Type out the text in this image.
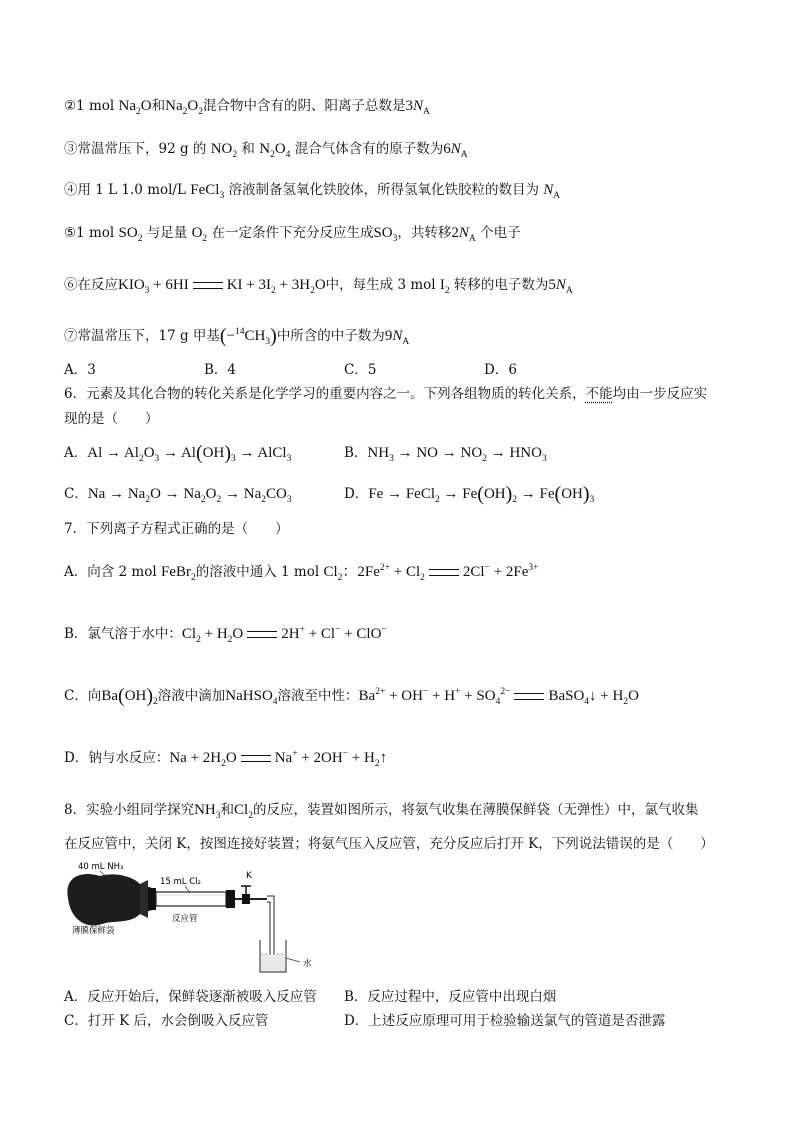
②1 mol $Na_2O$和$Na_2O_2$混合物中含有的阴、阳离子总数是$3N_A$
③常温常压下，92 g 的 $NO_2$ 和 $N_2O_4$ 混合气体含有的原子数为$6N_A$
④用 1 L 1.0 mol/L FeCl$_3$ 溶液制备氢氧化铁胶体，所得氢氧化铁胶粒的数目为 $N_A$
⑤1 mol $SO_2$ 与足量 $O_2$ 在一定条件下充分反应生成$SO_3$，共转移$2N_A$ 个电子
⑥在反应$KIO_3 + 6HI$	KI + $3I_2 + 3H_2O$中，每生成 3 mol $I_2$ 转移的电子数为$5N_A$
⑦常温常压下，17 g 甲基$(-^{14}CH_3)$中所含的中子数为$9N_A$
A．3	B．4	C．5	D．6
6．元素及其化合物的转化关系是化学学习的重要内容之一。下列各组物质的转化关系，不能均由一步反应实
现的是（　　）
A．$Al \to Al_2O_3 \to Al(OH)_3$ → AlCl$_3$	B．$NH_3$ → NO → $NO_2 \to HNO_3$
C．$Na \to Na_2O \to Na_2O_2 \to Na_2CO_3$	D．Fe → FeCl$_2$ → $Fe(OH)_2 \to Fe(OH)_3$
7．下列离子方程式正确的是（　　）
A．向含 2 mol FeBr$_2$的溶液中通入 1 mol $Cl_2$：$2Fe^{2+} + Cl_2$	$2Cl^- + 2Fe^{3+}$
B．氯气溶于水中：$Cl_2 + H_2O$	2H+ + Cl− + ClO−
C．向$Ba(OH)_2$溶液中滴加NaHSO$_4$溶液至中性：$Ba^{2+} + OH^- + H^+ + SO_4^{2-}$	BaSO$_4$↓ + $H_2O$
D．钠与水反应：$Na + 2H_2O$	$Na^+ + 2OH^- + H_2↑$
8．实验小组同学探究$NH_3$和$Cl_2$的反应，装置如图所示，将氨气收集在薄膜保鲜袋（无弹性）中，氯气收集
在反应管中，关闭 K，按图连接好装置；将氨气压入反应管，充分反应后打开 K，下列说法错误的是（　　）
40 mL NH₃
薄膜保鲜袋
15 mL Cl₂
反应管
K
水
A．反应开始后，保鲜袋逐渐被吸入反应管 B．反应过程中，反应管中出现白烟
C．打开 K 后，水会倒吸入反应管	D．上述反应原理可用于检验输送氯气的管道是否泄露
